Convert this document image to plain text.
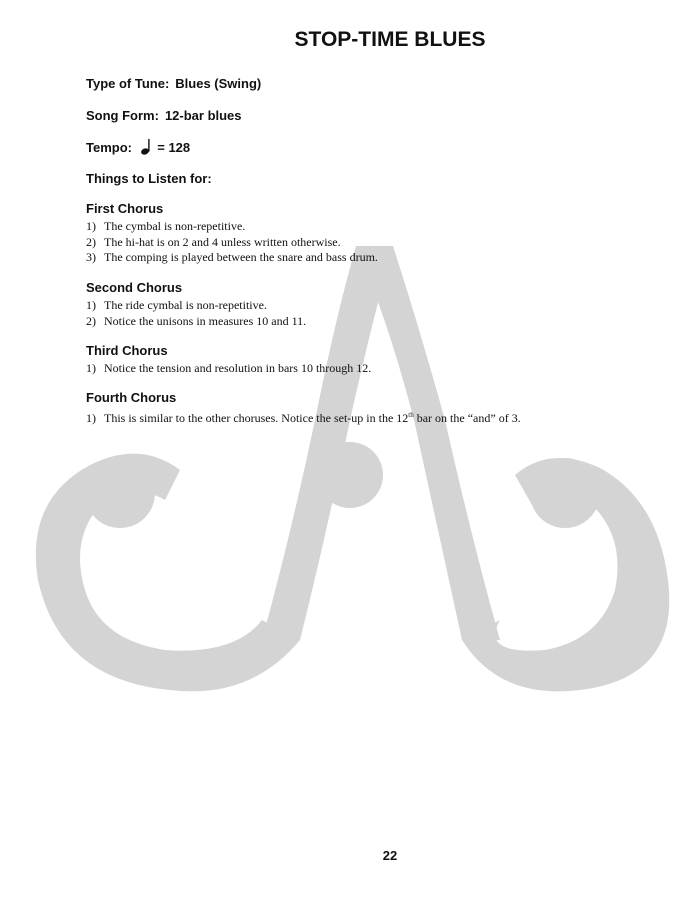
STOP-TIME BLUES

Type of Tune: Blues (Swing)

Song Form: 12-bar blues

Tempo: = 128

Things to Listen for:

First Chorus
1) The cymbal is non-repetitive.
2) The hi-hat is on 2 and 4 unless written otherwise.
3) The comping is played between the snare and bass drum.
Second Chorus
1) The ride cymbal is non-repetitive.
2) Notice the unisons in measures 10 and 11.
Third Chorus
1) Notice the tension and resolution in bars 10 through 12.
Fourth Chorus
1) This is similar to the other choruses. Notice the set-up in the 12th bar on the “and” of 3.
22
